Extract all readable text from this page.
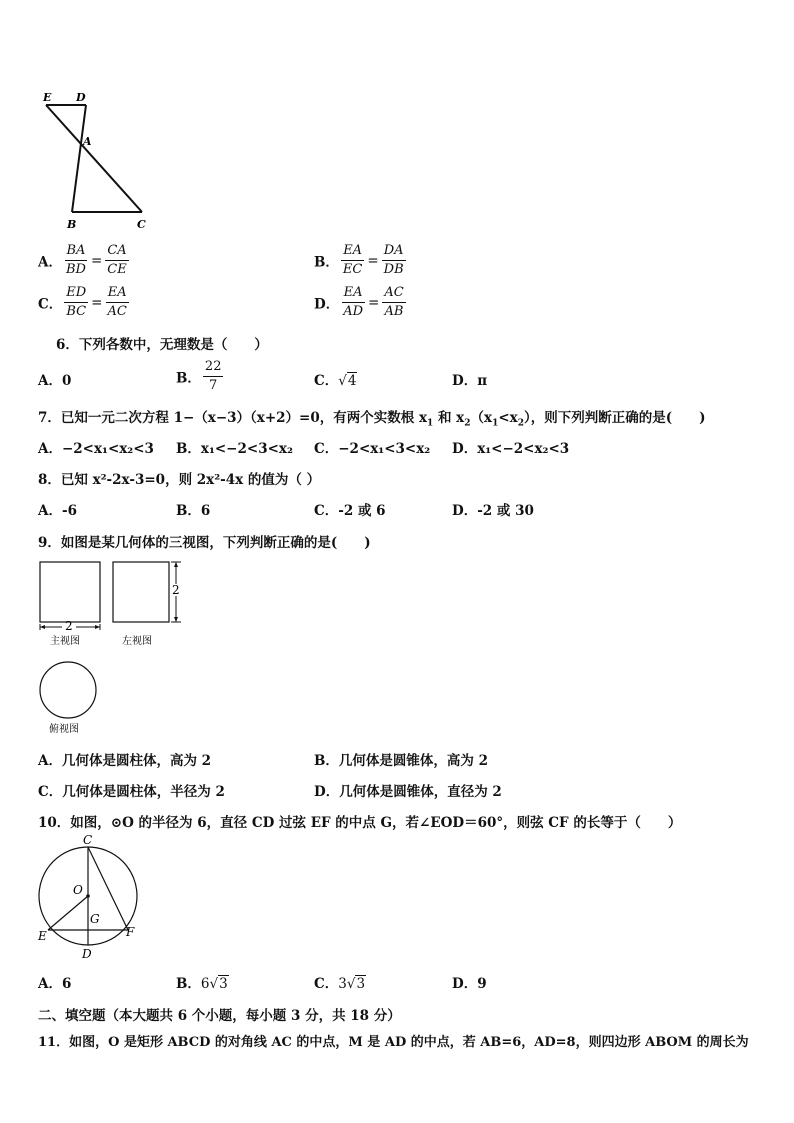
E D
A
B	C
A． $\frac{BA}{BD} = \frac{CA}{CE}$	B． $\frac{EA}{EC} = \frac{DA}{DB}$
C． $\frac{ED}{BC} = \frac{EA}{AC}$	D． $\frac{EA}{AD} = \frac{AC}{AB}$
6．下列各数中，无理数是（　　）
A．0	B． $\frac{22}{7}$	C．√4	D．π
7．已知一元二次方程 1−（x−3）（x+2）=0，有两个实数根 $x_1$ 和 $x_2(x_1<x_2)$，则下列判断正确的是(　　)
A．−2<x₁<x₂<3 B．x₁<−2<3<x₂ C．−2<x₁<3<x₂ D．x₁<−2<x₂<3
8．已知 x²-2x-3=0，则 2x²-4x 的值为（ ）
A．-6	B．6	C．-2 或 6	D．-2 或 30
9．如图是某几何体的三视图，下列判断正确的是(　　)
2
主视图
2
左视图
俯视图
A．几何体是圆柱体，高为 2	B．几何体是圆锥体，高为 2
C．几何体是圆柱体，半径为 2	D．几何体是圆锥体，直径为 2
10．如图，⊙O 的半径为 6，直径 CD 过弦 EF 的中点 G，若∠EOD＝60°，则弦 CF 的长等于（　　）
C
O
G
E	F
D
A．6	B．6√3	C．3√3	D．9
二、填空题（本大题共 6 个小题，每小题 3 分，共 18 分）
11．如图，O 是矩形 ABCD 的对角线 AC 的中点，M 是 AD 的中点，若 AB=6，AD=8，则四边形 ABOM 的周长为
